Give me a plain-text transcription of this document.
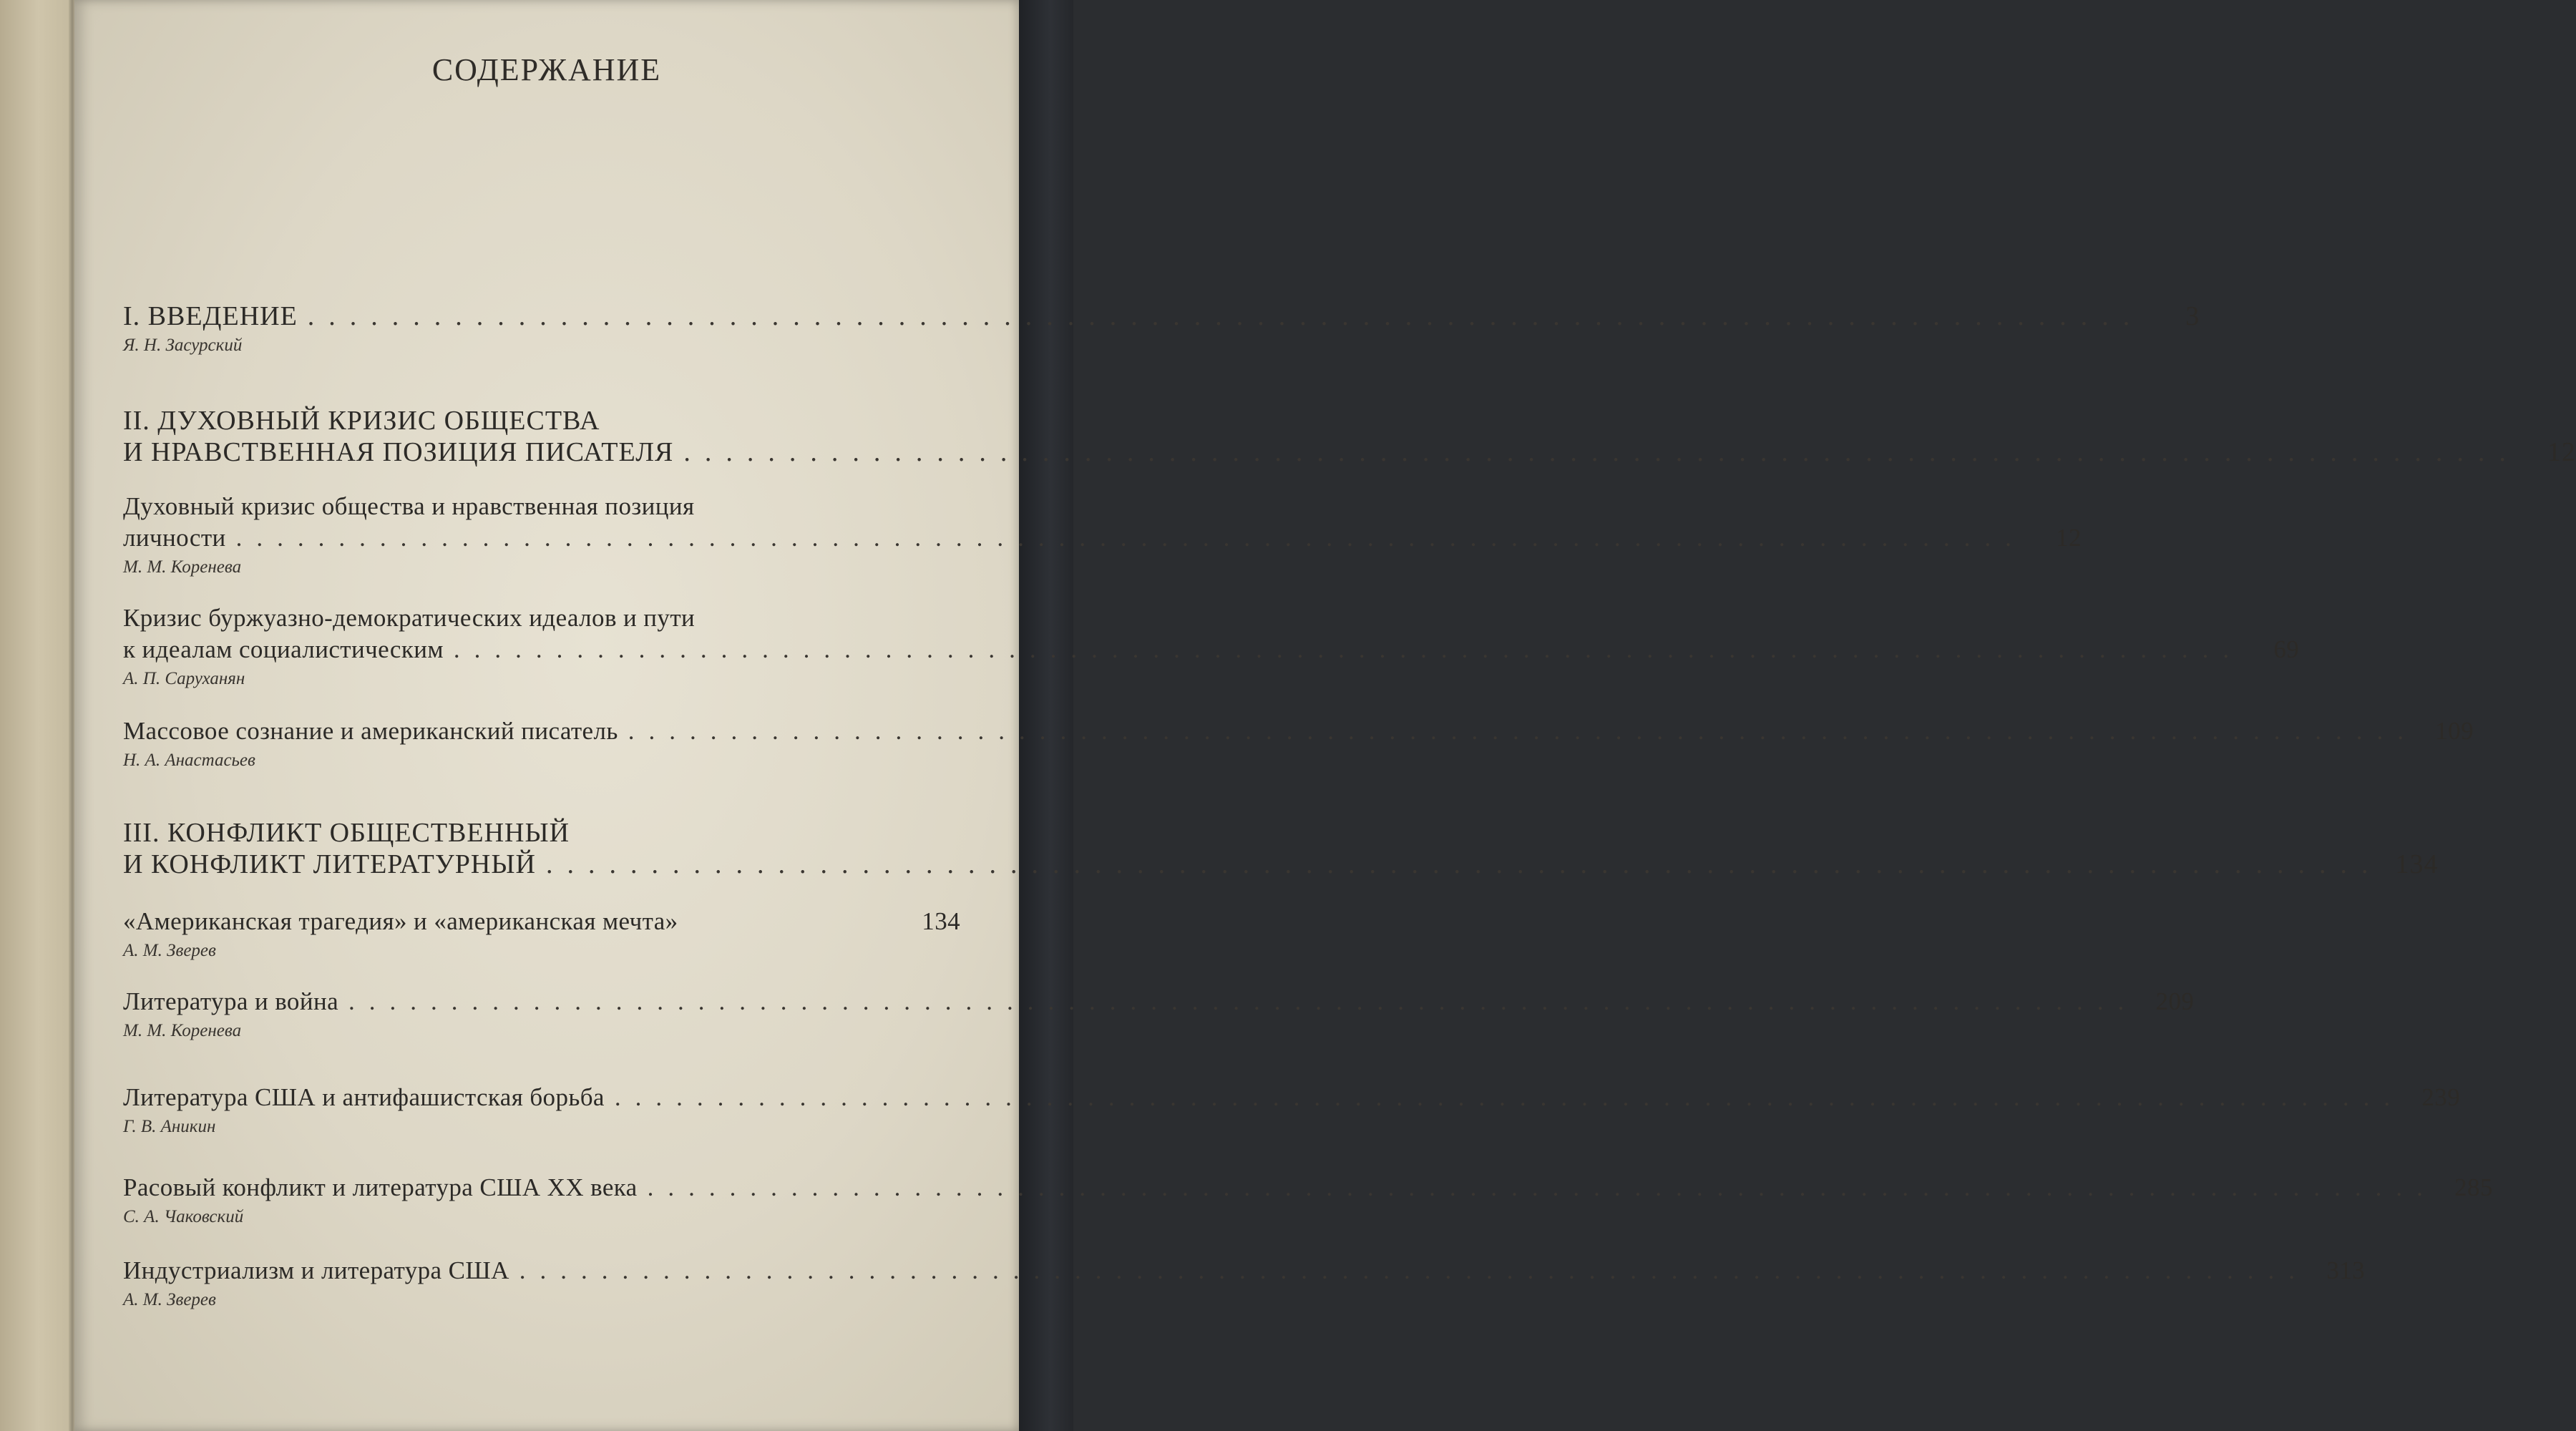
СОДЕРЖАНИЕ
I. ВВЕДЕНИЕ .......................................................................................	3
Я. Н. Засурский
II. ДУХОВНЫЙ КРИЗИС ОБЩЕСТВА
И НРАВСТВЕННАЯ ПОЗИЦИЯ ПИСАТЕЛЯ .......................................................................................	12
Духовный кризис общества и нравственная позиция
личности .......................................................................................	12
М. М. Коренева
Кризис буржуазно-демократических идеалов и пути
к идеалам социалистическим .......................................................................................	69
А. П. Саруханян
Массовое сознание и американский писатель ....................................................................................... 109
Н. А. Анастасьев
III. КОНФЛИКТ ОБЩЕСТВЕННЫЙ
И КОНФЛИКТ ЛИТЕРАТУРНЫЙ ....................................................................................... 134
«Американская трагедия» и «американская мечта»	134
А. М. Зверев
Литература и война ....................................................................................... 209
М. М. Коренева
Литература США и антифашистская борьба ....................................................................................... 239
Г. В. Аникин
Расовый конфликт и литература США XX века ....................................................................................... 285
С. А. Чаковский
Индустриализм и литература США ....................................................................................... 313
А. М. Зверев
